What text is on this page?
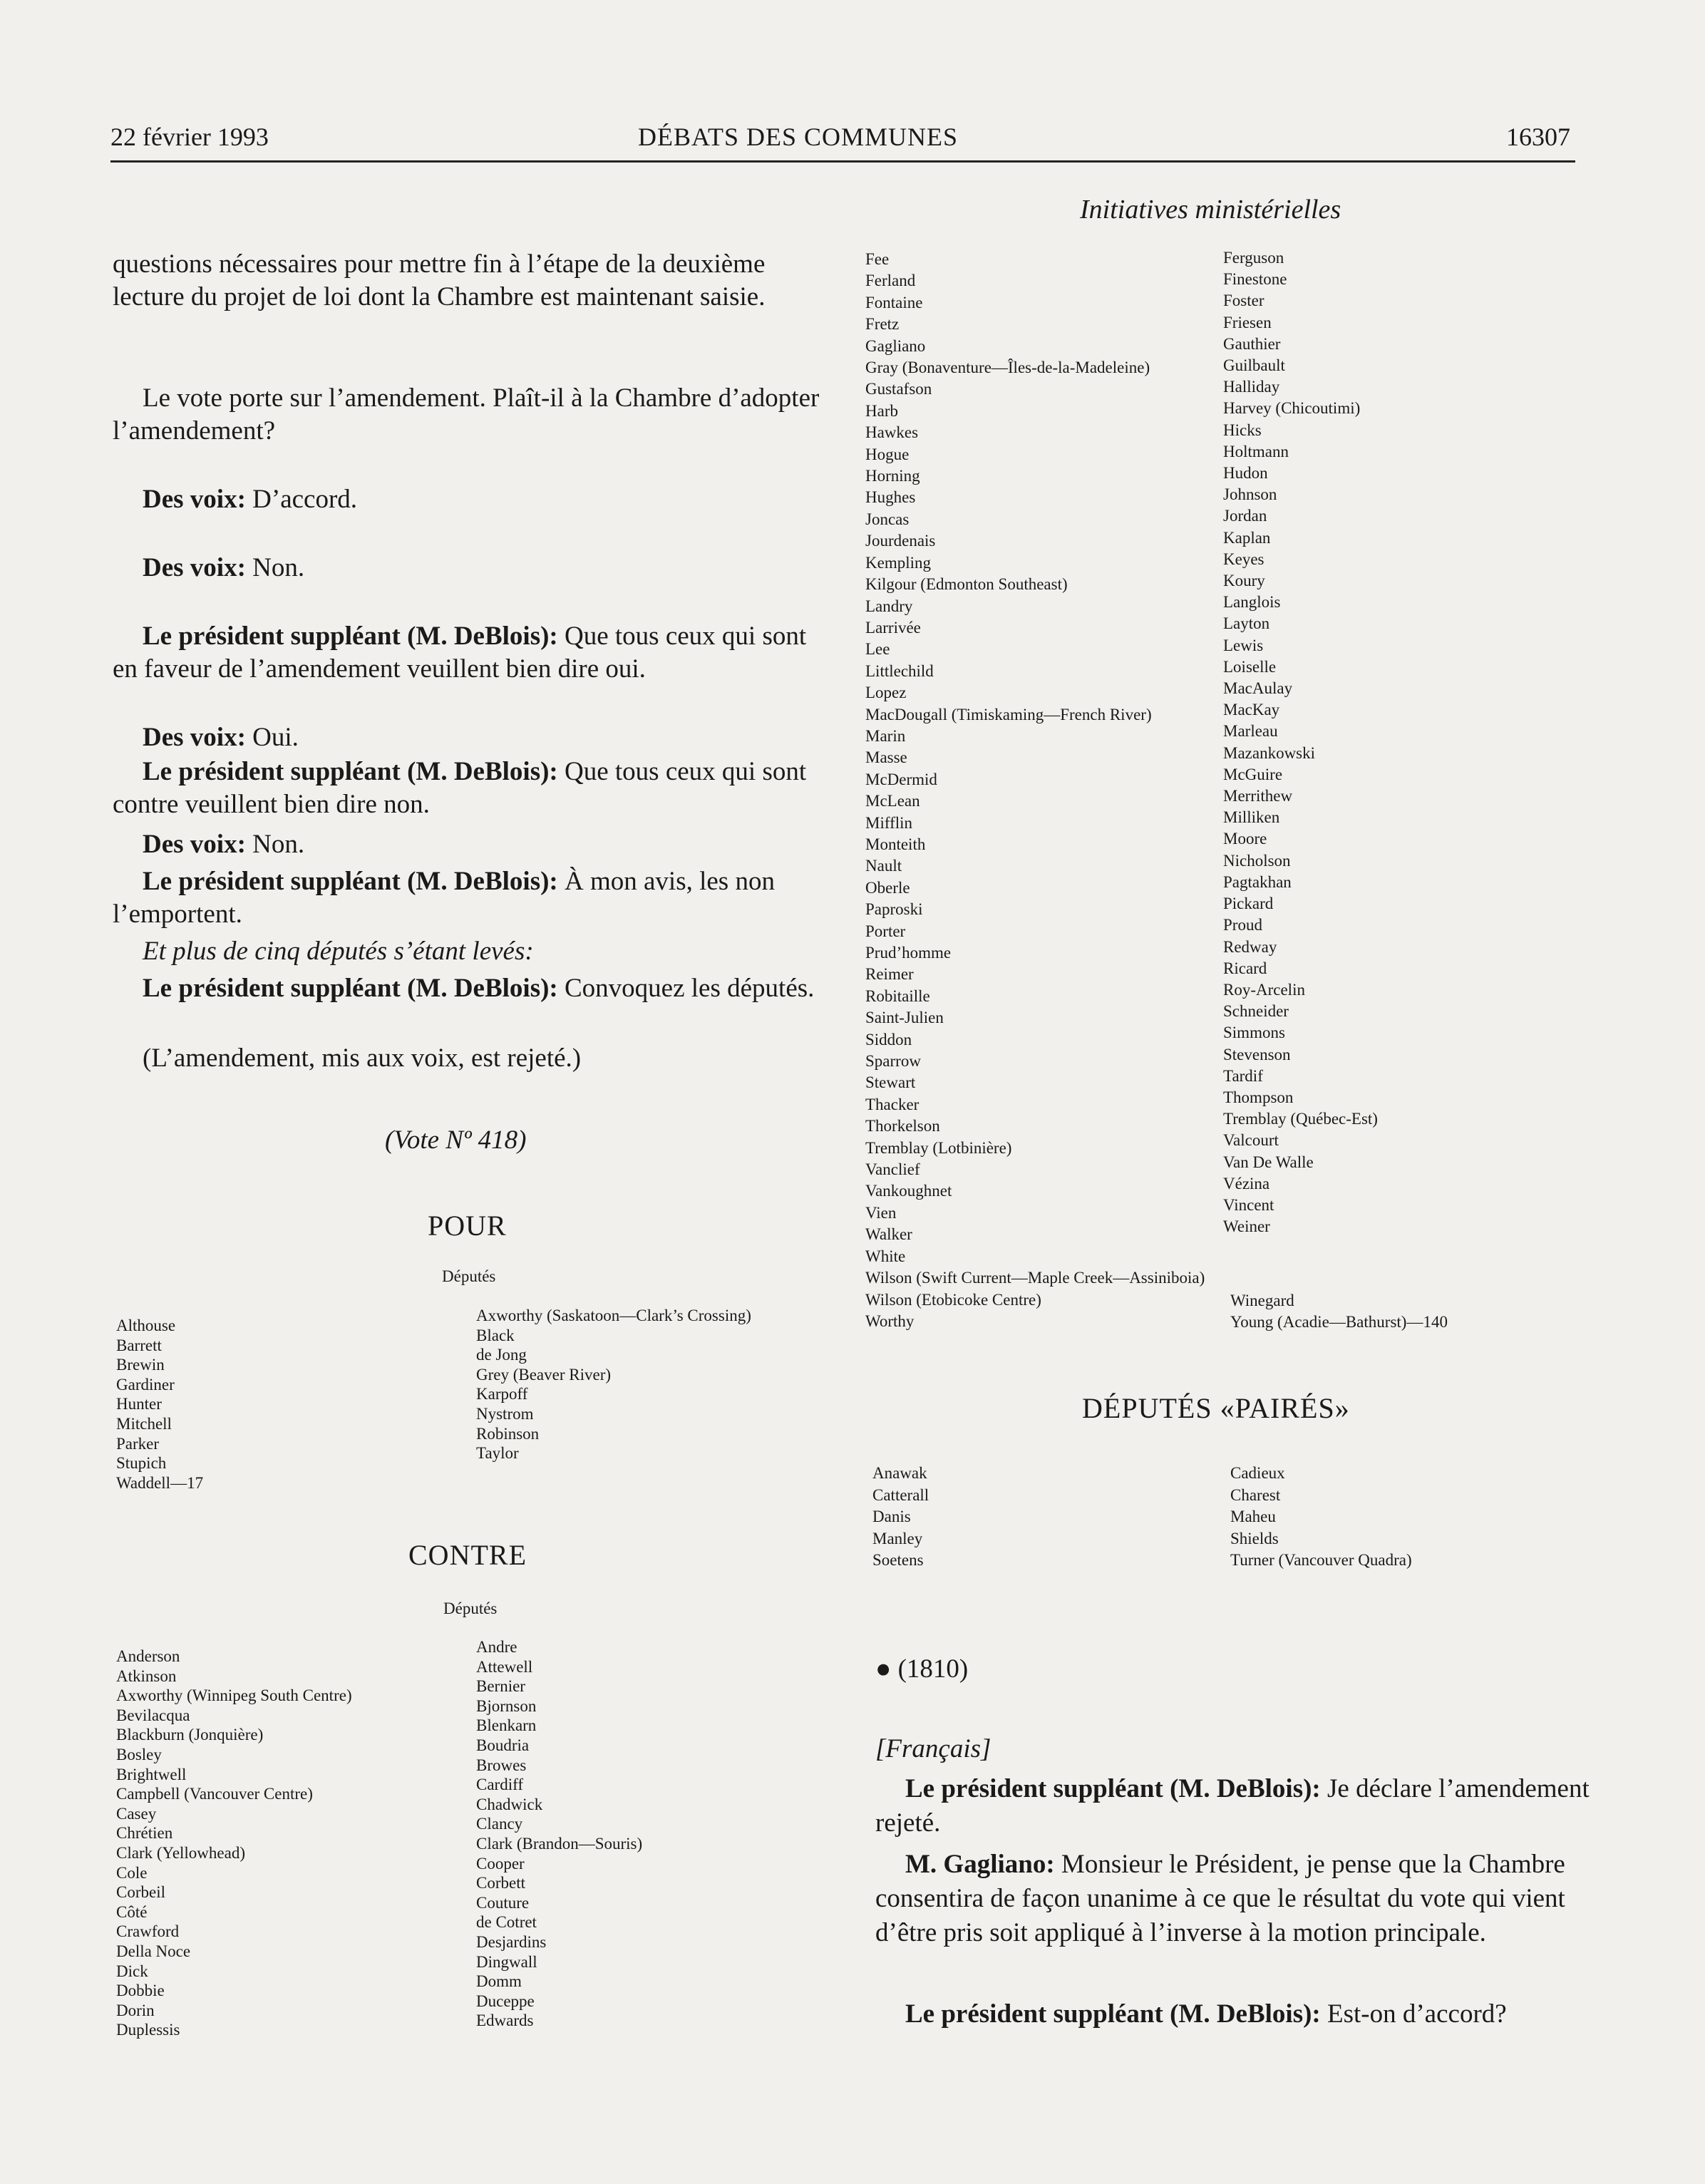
22 février 1993	DÉBATS DES COMMUNES	16307
Initiatives ministérielles

questions nécessaires pour mettre fin à l’étape de la deuxième lecture du projet de loi dont la Chambre est maintenant saisie.

Le vote porte sur l’amendement. Plaît-il à la Chambre d’adopter l’amendement?

Des voix: D’accord.

Des voix: Non.

Le président suppléant (M. DeBlois): Que tous ceux qui sont en faveur de l’amendement veuillent bien dire oui.

Des voix: Oui.

Le président suppléant (M. DeBlois): Que tous ceux qui sont contre veuillent bien dire non.

Des voix: Non.

Le président suppléant (M. DeBlois): À mon avis, les non l’emportent.

Et plus de cinq députés s’étant levés:

Le président suppléant (M. DeBlois): Convoquez les députés.

(L’amendement, mis aux voix, est rejeté.)

(Vote Nº 418)
POUR
Députés
Althouse
Barrett
Brewin
Gardiner
Hunter
Mitchell
Parker
Stupich
Waddell—17
Axworthy (Saskatoon—Clark’s Crossing)
Black
de Jong
Grey (Beaver River)
Karpoff
Nystrom
Robinson
Taylor
CONTRE
Députés
Anderson
Atkinson
Axworthy (Winnipeg South Centre)
Bevilacqua
Blackburn (Jonquière)
Bosley
Brightwell
Campbell (Vancouver Centre)
Casey
Chrétien
Clark (Yellowhead)
Cole
Corbeil
Côté
Crawford
Della Noce
Dick
Dobbie
Dorin
Duplessis
Andre
Attewell
Bernier
Bjornson
Blenkarn
Boudria
Browes
Cardiff
Chadwick
Clancy
Clark (Brandon—Souris)
Cooper
Corbett
Couture
de Cotret
Desjardins
Dingwall
Domm
Duceppe
Edwards
Fee
Ferland
Fontaine
Fretz
Gagliano
Gray (Bonaventure—Îles-de-la-Madeleine)
Gustafson
Harb
Hawkes
Hogue
Horning
Hughes
Joncas
Jourdenais
Kempling
Kilgour (Edmonton Southeast)
Landry
Larrivée
Lee
Littlechild
Lopez
MacDougall (Timiskaming—French River)
Marin
Masse
McDermid
McLean
Mifflin
Monteith
Nault
Oberle
Paproski
Porter
Prud’homme
Reimer
Robitaille
Saint-Julien
Siddon
Sparrow
Stewart
Thacker
Thorkelson
Tremblay (Lotbinière)
Vanclief
Vankoughnet
Vien
Walker
White
Wilson (Swift Current—Maple Creek—Assiniboia)
Wilson (Etobicoke Centre)
Worthy
Ferguson
Finestone
Foster
Friesen
Gauthier
Guilbault
Halliday
Harvey (Chicoutimi)
Hicks
Holtmann
Hudon
Johnson
Jordan
Kaplan
Keyes
Koury
Langlois
Layton
Lewis
Loiselle
MacAulay
MacKay
Marleau
Mazankowski
McGuire
Merrithew
Milliken
Moore
Nicholson
Pagtakhan
Pickard
Proud
Redway
Ricard
Roy-Arcelin
Schneider
Simmons
Stevenson
Tardif
Thompson
Tremblay (Québec-Est)
Valcourt
Van De Walle
Vézina
Vincent
Weiner
Winegard
Young (Acadie—Bathurst)—140
DÉPUTÉS «PAIRÉS»
Anawak
Catterall
Danis
Manley
Soetens
Cadieux
Charest
Maheu
Shields
Turner (Vancouver Quadra)
● (1810)
[Français]

Le président suppléant (M. DeBlois): Je déclare l’amendement rejeté.

M. Gagliano: Monsieur le Président, je pense que la Chambre consentira de façon unanime à ce que le résultat du vote qui vient d’être pris soit appliqué à l’inverse à la motion principale.

Le président suppléant (M. DeBlois): Est-on d’accord?
